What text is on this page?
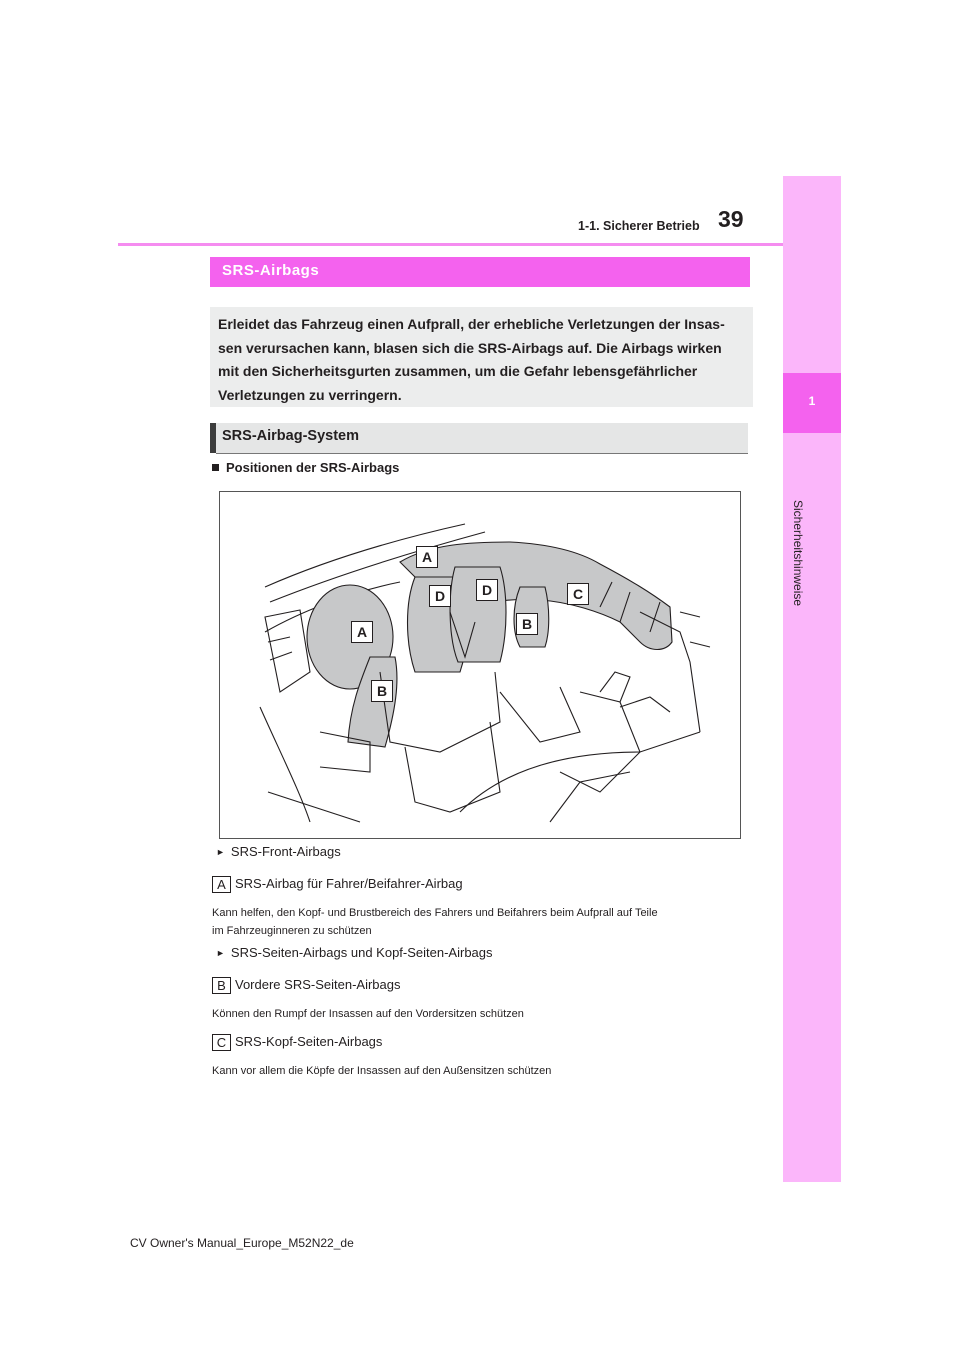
1
Sicherheitshinweise
39
1-1. Sicherer Betrieb
SRS-Airbags
Erleidet das Fahrzeug einen Aufprall, der erhebliche Verletzungen der Insas-
sen verursachen kann, blasen sich die SRS-Airbags auf. Die Airbags wirken
mit den Sicherheitsgurten zusammen, um die Gefahr lebensgefährlicher
Verletzungen zu verringern.
SRS-Airbag-System
Positionen der SRS-Airbags
A
D	D	C
A	B
B
► SRS-Front-Airbags
A SRS-Airbag für Fahrer/Beifahrer-Airbag
Kann helfen, den Kopf- und Brustbereich des Fahrers und Beifahrers beim Aufprall auf Teile
im Fahrzeuginneren zu schützen
► SRS-Seiten-Airbags und Kopf-Seiten-Airbags
B Vordere SRS-Seiten-Airbags
Können den Rumpf der Insassen auf den Vordersitzen schützen
C SRS-Kopf-Seiten-Airbags
Kann vor allem die Köpfe der Insassen auf den Außensitzen schützen
CV Owner's Manual_Europe_M52N22_de
